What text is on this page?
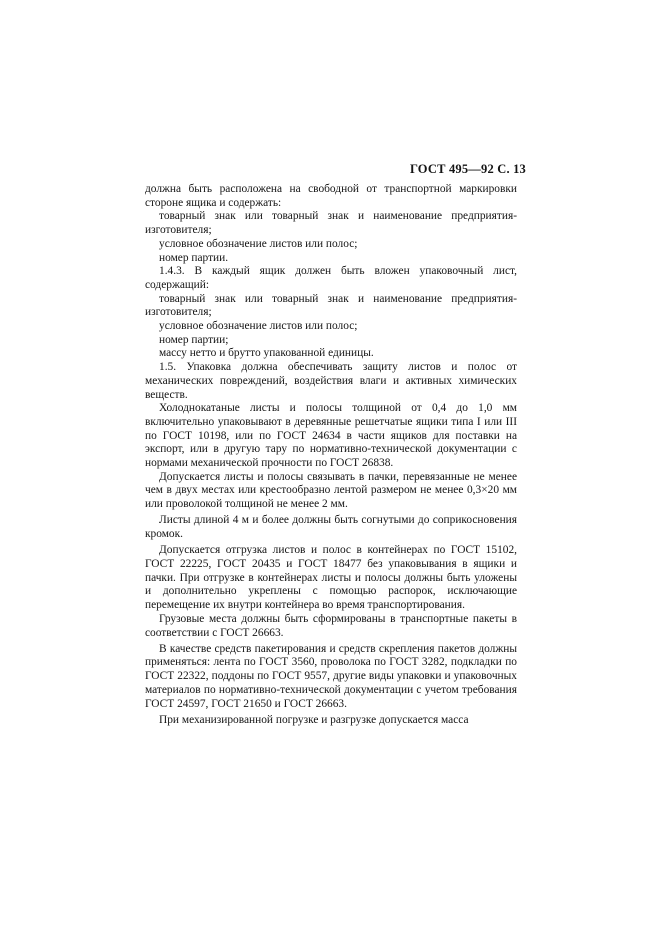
ГОСТ 495—92 С. 13

должна быть расположена на свободной от транспортной маркировки стороне ящика и содержать:

товарный знак или товарный знак и наименование предприятия-изготовителя;

условное обозначение листов или полос;

номер партии.

1.4.3. В каждый ящик должен быть вложен упаковочный лист, содержащий:

товарный знак или товарный знак и наименование предприятия-изготовителя;

условное обозначение листов или полос;

номер партии;

массу нетто и брутто упакованной единицы.

1.5. Упаковка должна обеспечивать защиту листов и полос от механических повреждений, воздействия влаги и активных химических веществ.

Холоднокатаные листы и полосы толщиной от 0,4 до 1,0 мм включительно упаковывают в деревянные решетчатые ящики типа I или III по ГОСТ 10198, или по ГОСТ 24634 в части ящиков для поставки на экспорт, или в другую тару по нормативно-технической документации с нормами механической прочности по ГОСТ 26838.

Допускается листы и полосы связывать в пачки, перевязанные не менее чем в двух местах или крестообразно лентой размером не менее 0,3×20 мм или проволокой толщиной не менее 2 мм.

Листы длиной 4 м и более должны быть согнутыми до соприкосновения кромок.

Допускается отгрузка листов и полос в контейнерах по ГОСТ 15102, ГОСТ 22225, ГОСТ 20435 и ГОСТ 18477 без упаковывания в ящики и пачки. При отгрузке в контейнерах листы и полосы должны быть уложены и дополнительно укреплены с помощью распорок, исключающие перемещение их внутри контейнера во время транспортирования.

Грузовые места должны быть сформированы в транспортные пакеты в соответствии с ГОСТ 26663.

В качестве средств пакетирования и средств скрепления пакетов должны применяться: лента по ГОСТ 3560, проволока по ГОСТ 3282, подкладки по ГОСТ 22322, поддоны по ГОСТ 9557, другие виды упаковки и упаковочных материалов по нормативно-технической документации с учетом требования ГОСТ 24597, ГОСТ 21650 и ГОСТ 26663.

При механизированной погрузке и разгрузке допускается масса
